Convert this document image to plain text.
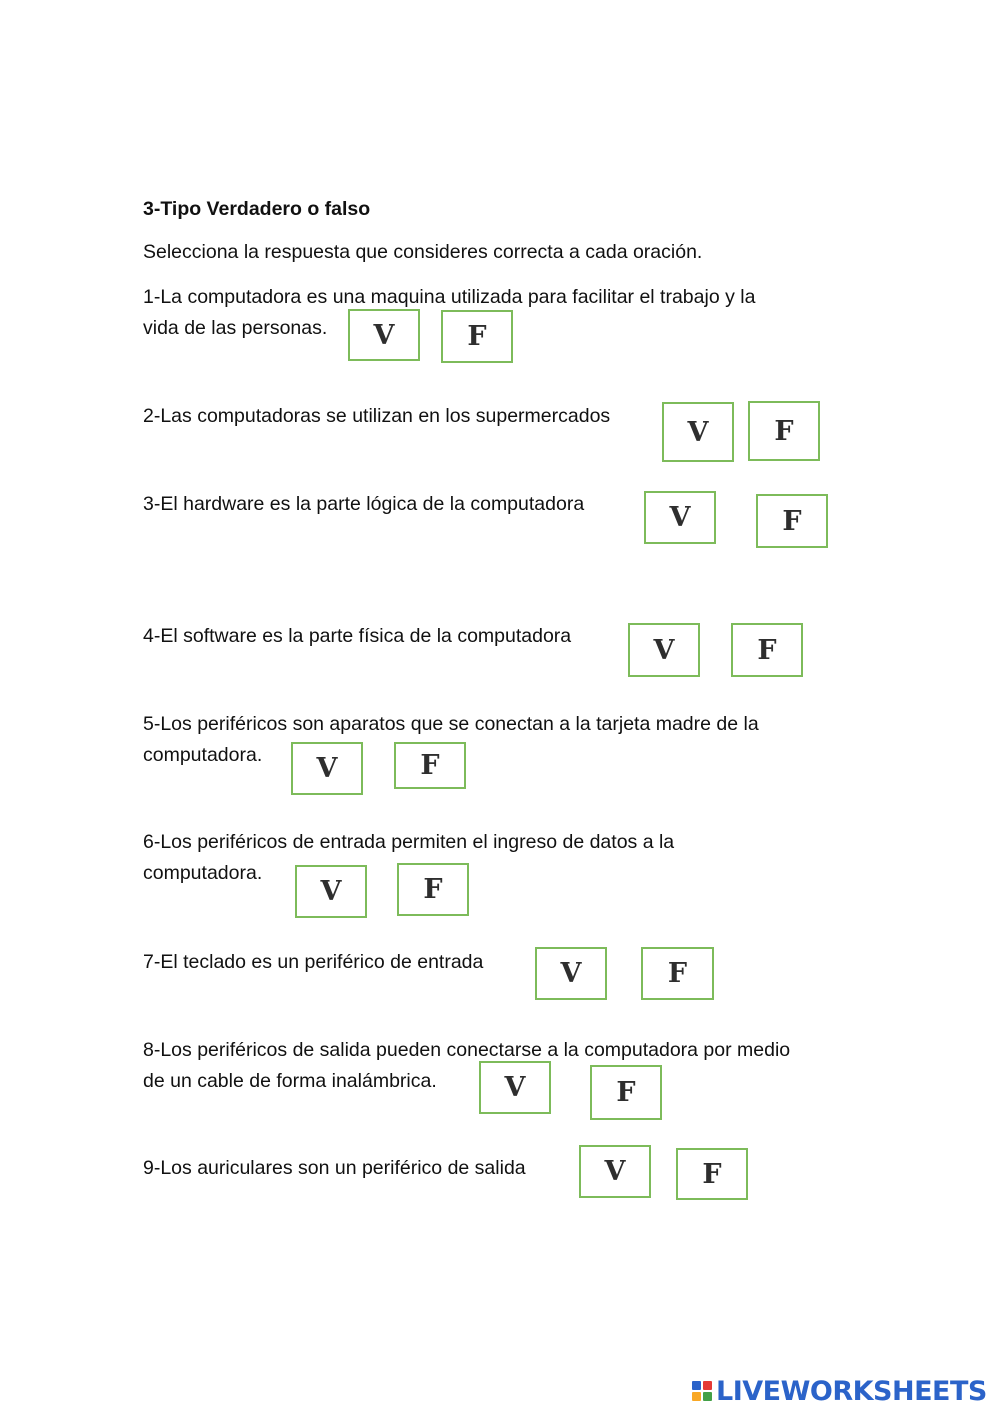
3-Tipo Verdadero o falso
Selecciona la respuesta que consideres correcta a cada oración.
1-La computadora es una maquina utilizada para facilitar el trabajo y la
vida de las personas.	V	F
2-Las computadoras se utilizan en los supermercados
V	F
3-El hardware es la parte lógica de la computadora	V	F
4-El software es la parte física de la computadora	V	F
5-Los periféricos son aparatos que se conectan a la tarjeta madre de la
computadora.	V	F
6-Los periféricos de entrada permiten el ingreso de datos a la
computadora.
V	F
7-El teclado es un periférico de entrada	V	F
8-Los periféricos de salida pueden conectarse a la computadora por medio
de un cable de forma inalámbrica.	V	F
9-Los auriculares son un periférico de salida	V	F
LIVEWORKSHEETS
